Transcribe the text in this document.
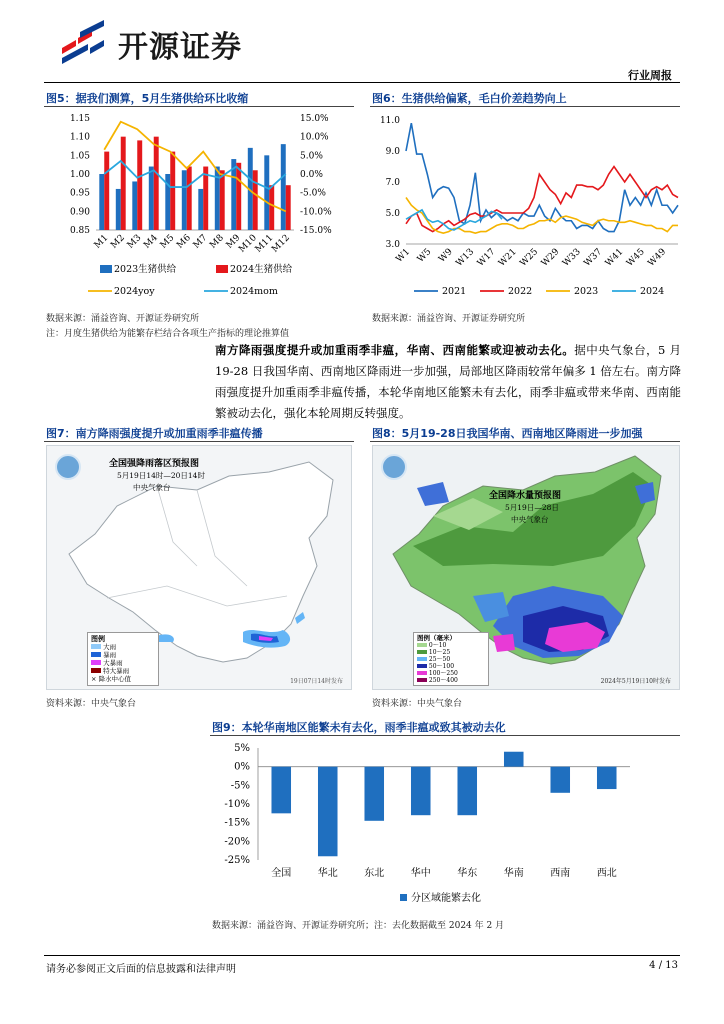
开源证券
行业周报
图5：据我们测算，5月生猪供给环比收缩
1.15
1.10
1.05
1.00
0.95
0.90
0.85
15.0%
10.0%
5.0%
0.0%
-5.0%
-10.0%
-15.0%
M1
M2
M3
M4
M5
M6
M7
M8
M9
M10
M11
M12
2023生猪供给	2024生猪供给
2024yoy	2024mom
数据来源：涌益咨询、开源证券研究所
注：月度生猪供给为能繁存栏结合各项生产指标的理论推算值
图6：生猪供给偏紧，毛白价差趋势向上
11.0
9.0
7.0
5.0
3.0
W1 W5 W9 W13 W17 W21 W25 W29 W33 W37 W41 W45 W49
2021	2022	2023	2024
数据来源：涌益咨询、开源证券研究所
南方降雨强度提升或加重雨季非瘟，华南、西南能繁或迎被动去化。据中央气象台，5 月 19-28 日我国华南、西南地区降雨进一步加强，局部地区降雨较常年偏多 1 倍左右。南方降雨强度提升加重雨季非瘟传播，本轮华南地区能繁未有去化，雨季非瘟或带来华南、西南能繁被动去化，强化本轮周期反转强度。
图7：南方降雨强度提升或加重雨季非瘟传播
全国强降雨落区预报图
5月19日14时—20日14时
中央气象台
图例
大雨
暴雨
大暴雨
特大暴雨
× 降水中心值	19日07日14时发布
资料来源：中央气象台
图8：5月19-28日我国华南、西南地区降雨进一步加强
全国降水量预报图
5月19日—28日
中央气象台
图例（毫米）
0～10
10～25
25～50
50～100
100～250
250～400	2024年5月19日10时发布
资料来源：中央气象台
图9：本轮华南地区能繁未有去化，雨季非瘟或致其被动去化
5%
0%
-5%
-10%
-15%
-20%
-25%
全国	华北	东北	华中	华东	华南	西南	西北
分区域能繁去化
数据来源：涌益咨询、开源证券研究所；注：去化数据截至 2024 年 2 月
请务必参阅正文后面的信息披露和法律声明	4 / 13
